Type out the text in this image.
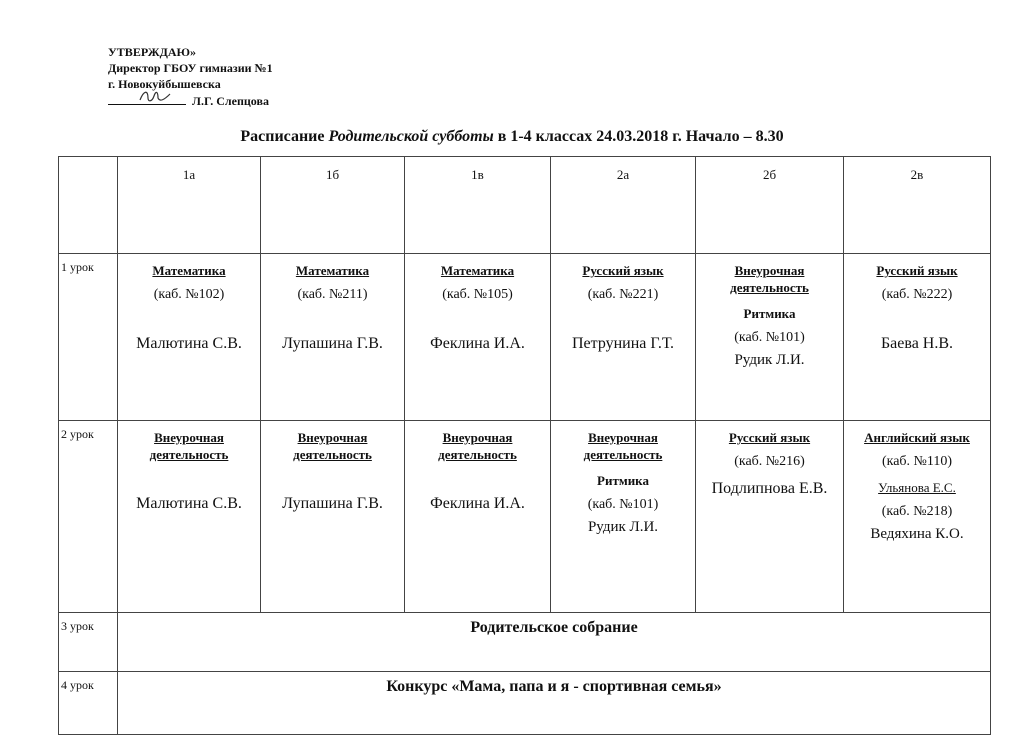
УТВЕРЖДАЮ»
Директор ГБОУ гимназии №1
г. Новокуйбышевска
Л.Г. Слепцова
Расписание Родительской субботы в 1-4 классах 24.03.2018 г. Начало – 8.30
	1а	1б	1в	2а	2б	2в
1 урок	Математика
(каб. №102)
Малютина С.В.	Математика
(каб. №211)
Лупашина Г.В.	Математика
(каб. №105)
Феклина И.А.	Русский язык
(каб. №221)
Петрунина Г.Т.	Внеурочная деятельность
Ритмика
(каб. №101)
Рудик Л.И.	Русский язык
(каб. №222)
Баева Н.В.

2 урок	Внеурочная деятельность
Малютина С.В.	Внеурочная деятельность
Лупашина Г.В.	Внеурочная деятельность
Феклина И.А.	Внеурочная деятельность
Ритмика
(каб. №101)
Рудик Л.И.	Русский язык
(каб. №216)
Подлипнова Е.В.	Английский язык
(каб. №110)
Ульянова Е.С.
(каб. №218)
Ведяхина К.О.

3 урок	Родительское собрание					
4 урок	Конкурс «Мама, папа и я - спортивная семья»					
